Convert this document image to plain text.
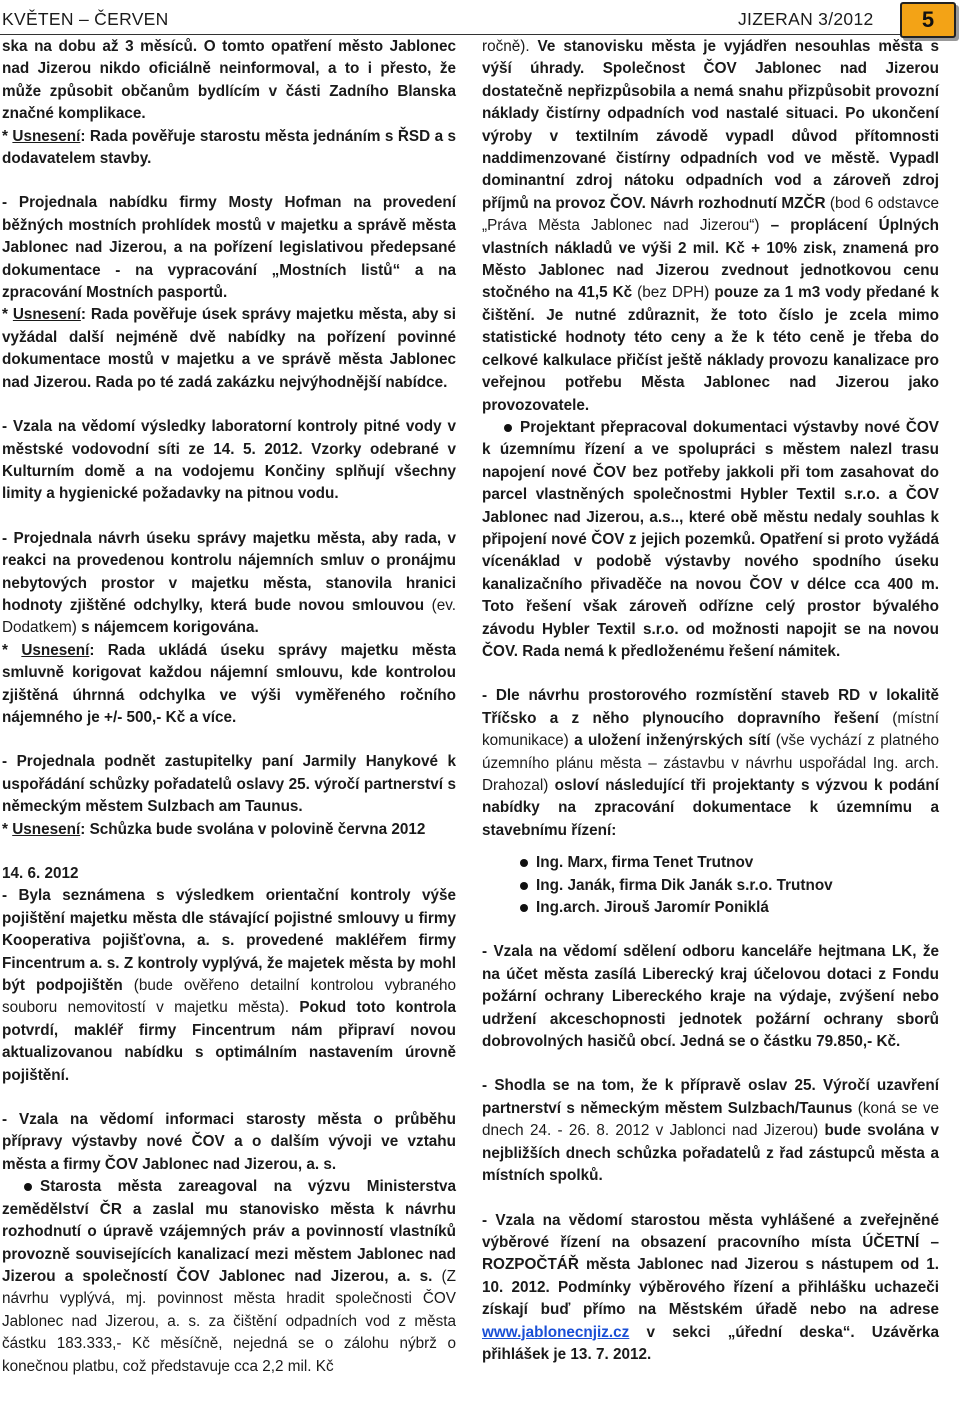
KVĚTEN – ČERVEN	JIZERAN 3/2012	5

ska na dobu až 3 měsíců. O tomto opatření město Jablonec nad Jizerou nikdo oficiálně neinformoval, a to i přesto, že může způsobit občanům bydlícím v části Zadního Blanska značné komplikace.
* Usnesení: Rada pověřuje starostu města jednáním s ŘSD a s dodavatelem stavby.

- Projednala nabídku firmy Mosty Hofman na provedení běžných mostních prohlídek mostů v majetku a správě města Jablonec nad Jizerou, a na pořízení legislativou předepsané dokumentace - na vypracování „Mostních listů“ a na zpracování Mostních pasportů.
* Usnesení: Rada pověřuje úsek správy majetku města, aby si vyžádal další nejméně dvě nabídky na pořízení povinné dokumentace mostů v majetku a ve správě města Jablonec nad Jizerou. Rada po té zadá zakázku nejvýhodnější nabídce.

- Vzala na vědomí výsledky laboratorní kontroly pitné vody v městské vodovodní síti ze 14. 5. 2012. Vzorky odebrané v Kulturním domě a na vodojemu Končiny splňují všechny limity a hygienické požadavky na pitnou vodu.

- Projednala návrh úseku správy majetku města, aby rada, v reakci na provedenou kontrolu nájemních smluv o pronájmu nebytových prostor v majetku města, stanovila hranici hodnoty zjištěné odchylky, která bude novou smlouvou (ev. Dodatkem) s nájemcem korigována.
* Usnesení: Rada ukládá úseku správy majetku města smluvně korigovat každou nájemní smlouvu, kde kontrolou zjištěná úhrnná odchylka ve výši vyměřeného ročního nájemného je +/- 500,- Kč a více.

- Projednala podnět zastupitelky paní Jarmily Hanykové k uspořádání schůzky pořadatelů oslavy 25. výročí partnerství s německým městem Sulzbach am Taunus.
* Usnesení: Schůzka bude svolána v polovině června 2012

14. 6. 2012

- Byla seznámena s výsledkem orientační kontroly výše pojištění majetku města dle stávající pojistné smlouvy u firmy Kooperativa pojišťovna, a. s. provedené makléřem firmy Fincentrum a. s. Z kontroly vyplývá, že majetek města by mohl být podpojištěn (bude ověřeno detailní kontrolou vybraného souboru nemovitostí v majetku města). Pokud toto kontrola potvrdí, makléř firmy Fincentrum nám připraví novou aktualizovanou nabídku s optimálním nastavením úrovně pojištění.

- Vzala na vědomí informaci starosty města o průběhu přípravy výstavby nové ČOV a o dalším vývoji ve vztahu města a firmy ČOV Jablonec nad Jizerou, a. s.

Starosta města zareagoval na výzvu Ministerstva zemědělství ČR a zaslal mu stanovisko města k návrhu rozhodnutí o úpravě vzájemných práv a povinností vlastníků provozně souvisejících kanalizací mezi městem Jablonec nad Jizerou a společností ČOV Jablonec nad Jizerou, a. s. (Z návrhu vyplývá, mj. povinnost města hradit společnosti ČOV Jablonec nad Jizerou, a. s. za čištění odpadních vod z města částku 183.333,- Kč měsíčně, nejedná se o zálohu nýbrž o konečnou platbu, což představuje cca 2,2 mil. Kč

ročně). Ve stanovisku města je vyjádřen nesouhlas města s výší úhrady. Společnost ČOV Jablonec nad Jizerou dostatečně nepřizpůsobila a nemá snahu přizpůsobit provozní náklady čistírny odpadních vod nastalé situaci. Po ukončení výroby v textilním závodě vypadl důvod přítomnosti naddimenzované čistírny odpadních vod ve městě. Vypadl dominantní zdroj nátoku odpadních vod a zároveň zdroj příjmů na provoz ČOV. Návrh rozhodnutí MZČR (bod 6 odstavce „Práva Města Jablonec nad Jizerou“) – proplácení Úplných vlastních nákladů ve výši 2 mil. Kč + 10% zisk, znamená pro Město Jablonec nad Jizerou zvednout jednotkovou cenu stočného na 41,5 Kč (bez DPH) pouze za 1 m3 vody předané k čištění. Je nutné zdůraznit, že toto číslo je zcela mimo statistické hodnoty této ceny a že k této ceně je třeba do celkové kalkulace přičíst ještě náklady provozu kanalizace pro veřejnou potřebu Města Jablonec nad Jizerou jako provozovatele.

Projektant přepracoval dokumentaci výstavby nové ČOV k územnímu řízení a ve spolupráci s městem nalezl trasu napojení nové ČOV bez potřeby jakkoli při tom zasahovat do parcel vlastněných společnostmi Hybler Textil s.r.o. a ČOV Jablonec nad Jizerou, a.s.., které obě městu nedaly souhlas k připojení nové ČOV z jejich pozemků. Opatření si proto vyžádá vícenáklad v podobě výstavby nového spodního úseku kanalizačního přivaděče na novou ČOV v délce cca 400 m. Toto řešení však zároveň odřízne celý prostor bývalého závodu Hybler Textil s.r.o. od možnosti napojit se na novou ČOV. Rada nemá k předloženému řešení námitek.

- Dle návrhu prostorového rozmístění staveb RD v lokalitě Tříčsko a z něho plynoucího dopravního řešení (místní komunikace) a uložení inženýrských sítí (vše vychází z platného územního plánu města – zástavbu v návrhu uspořádal Ing. arch. Drahozal) osloví následující tři projektanty s výzvou k podání nabídky na zpracování dokumentace k územnímu a stavebnímu řízení:

Ing. Marx, firma Tenet Trutnov
Ing. Janák, firma Dik Janák s.r.o. Trutnov
Ing.arch. Jirouš Jaromír Poniklá

- Vzala na vědomí sdělení odboru kanceláře hejtmana LK, že na účet města zasílá Liberecký kraj účelovou dotaci z Fondu požární ochrany Libereckého kraje na výdaje, zvýšení nebo udržení akceschopnosti jednotek požární ochrany sborů dobrovolných hasičů obcí. Jedná se o částku 79.850,- Kč.

- Shodla se na tom, že k přípravě oslav 25. Výročí uzavření partnerství s německým městem Sulzbach/Taunus (koná se ve dnech 24. - 26. 8. 2012 v Jablonci nad Jizerou) bude svolána v nejbližších dnech schůzka pořadatelů z řad zástupců města a místních spolků.

- Vzala na vědomí starostou města vyhlášené a zveřejněné výběrové řízení na obsazení pracovního místa ÚČETNÍ – ROZPOČTÁŘ města Jablonec nad Jizerou s nástupem od 1. 10. 2012. Podmínky výběrového řízení a přihlášku uchazeči získají buď přímo na Městském úřadě nebo na adrese www.jablonecnjiz.cz v sekci „úřední deska“. Uzávěrka přihlášek je 13. 7. 2012.
